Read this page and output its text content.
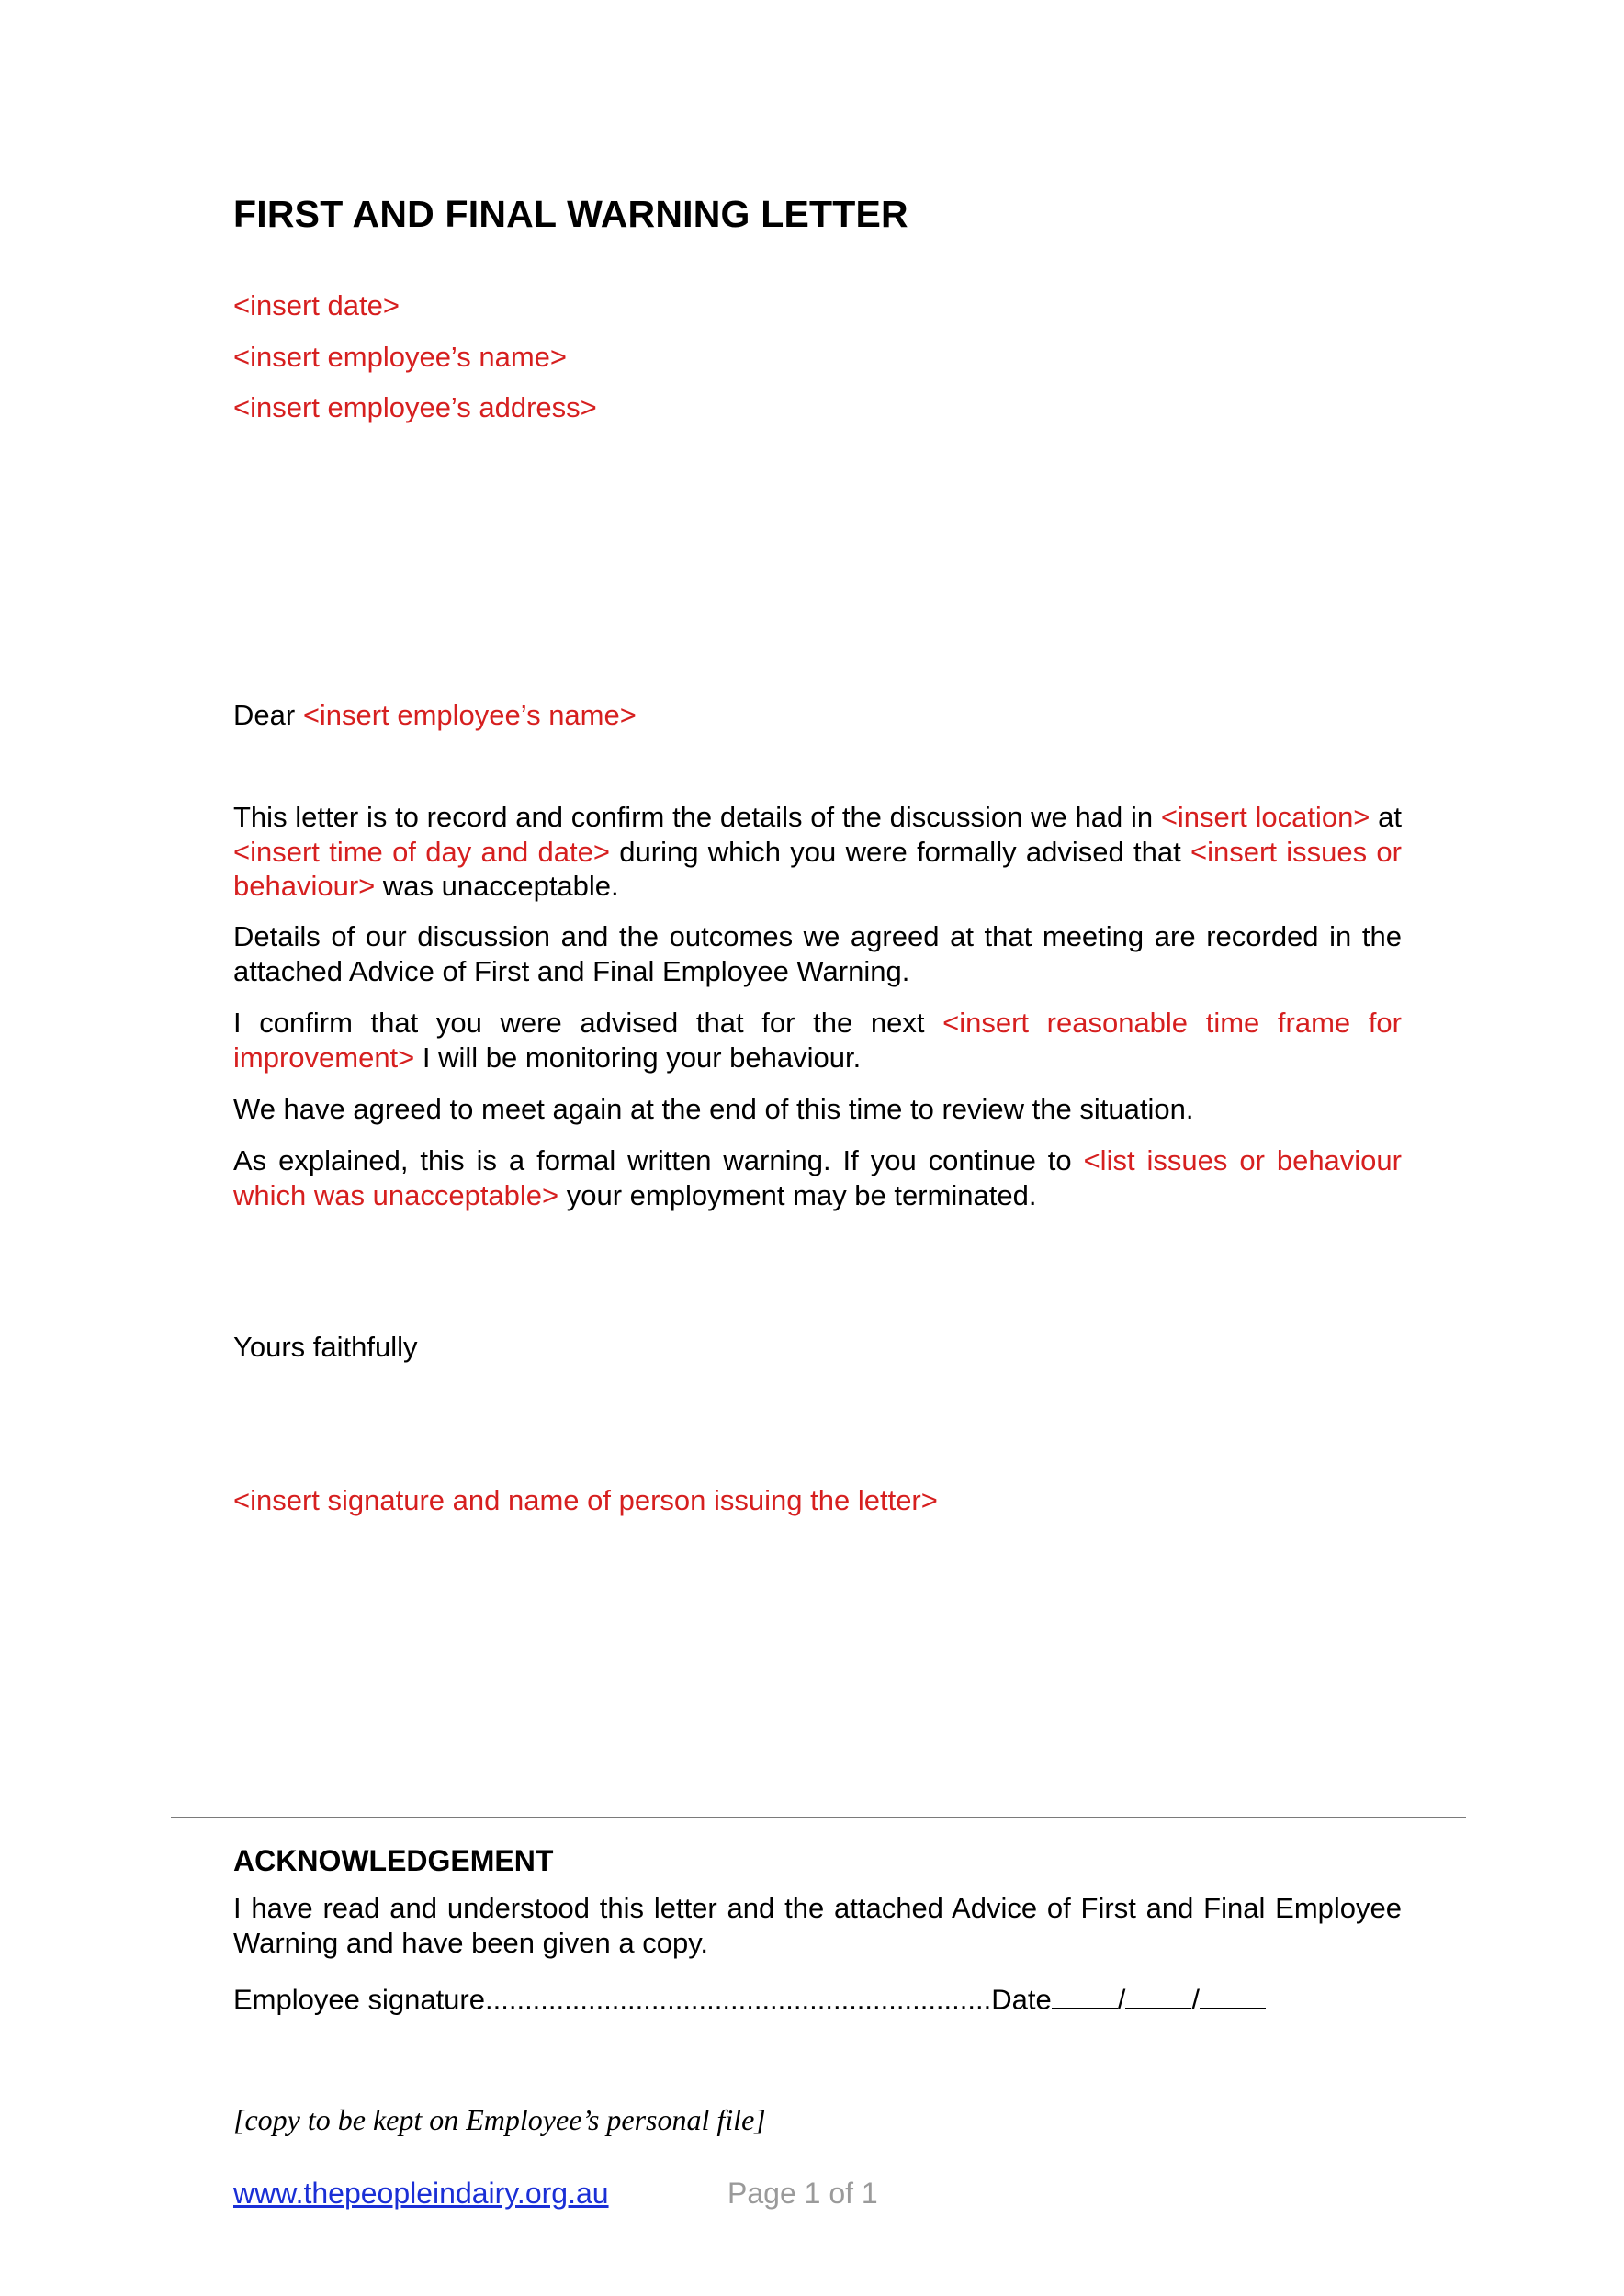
FIRST AND FINAL WARNING LETTER
<insert date>
<insert employee’s name>
<insert employee’s address>
Dear <insert employee’s name>
This letter is to record and confirm the details of the discussion we had in <insert location> at <insert time of day and date> during which you were formally advised that <insert issues or behaviour> was unacceptable.
Details of our discussion and the outcomes we agreed at that meeting are recorded in the attached Advice of First and Final Employee Warning.
I confirm that you were advised that for the next <insert reasonable time frame for improvement> I will be monitoring your behaviour.
We have agreed to meet again at the end of this time to review the situation.
As explained, this is a formal written warning. If you continue to <list issues or behaviour which was unacceptable> your employment may be terminated.
Yours faithfully
<insert signature and name of person issuing the letter>
ACKNOWLEDGEMENT
I have read and understood this letter and the attached Advice of First and Final Employee Warning and have been given a copy.
Employee signature................................................................Date / /
[copy to be kept on Employee’s personal file]
www.thepeopleindairy.org.au	Page 1 of 1
